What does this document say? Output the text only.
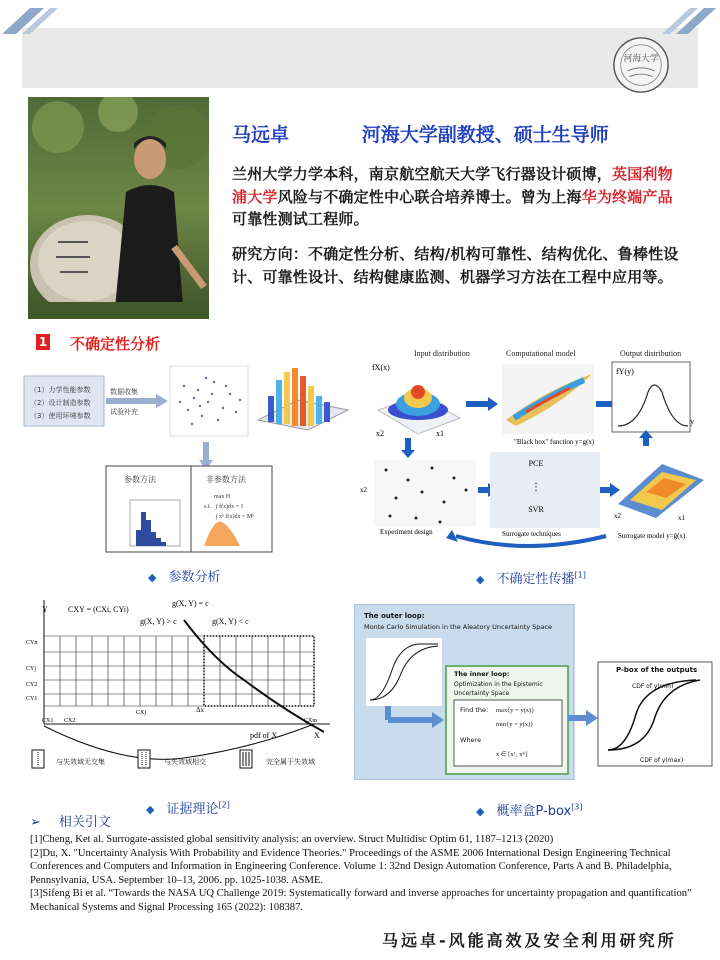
河海大学
马远卓	河海大学副教授、硕士生导师
兰州大学力学本科，南京航空航天大学飞行器设计硕博，英国利物浦大学风险与不确定性中心联合培养博士。曾为上海华为终端产品可靠性测试工程师。
研究方向：不确定性分析、结构/机构可靠性、结构优化、鲁棒性设计、可靠性设计、结构健康监测、机器学习方法在工程中应用等。
1 不确定性分析
（1）力学性能参数
（2）设计制造参数
（3）使用环境参数
数据收集
试验补充
参数方法	非参数方法
max H
s.t. ∫ f(x)dx = 1
∫ xᵏ f(x)dx = Mᵏ
Input distribution	Computational model	Output distribution
fX(x)
x2	x1
"Black box" function y=g(x)
fY(y)
y
x2
Experiment design
PCE
⋮
SVR
Surrogate techniques
x2	x1
Surrogate model y=ĝ(x)
◆ 参数分析	◆ 不确定性传播[1]
Y
X
g(X, Y) = c
g(X, Y) > c	g(X, Y) < c
CXY = (CXi, CYi)
CYn
CYj
CY2
CY1
CX1 CX2
CXj
CXm
Δx
pdf of X
与失效域无交集	与失效域相交	完全属于失效域
The outer loop:
Monte Carlo Simulation in the Aleatory Uncertainty Space
The inner loop:
Optimization in the Epistemic
Uncertainty Space
Find the: max{y = y(x)}
min{y = y(x)}
Where
x ∈ [xᴸ, xᵁ]
P-box of the outputs
CDF of y(min)
CDF of y(max)
◆ 证据理论[2]	◆ 概率盒P-box[3]
➢ 相关引文
[1]Cheng, Ket al. Surrogate-assisted global sensitivity analysis: an overview. Struct Multidisc Optim 61, 1187–1213 (2020)
[2]Du, X. "Uncertainty Analysis With Probability and Evidence Theories." Proceedings of the ASME 2006 International Design Engineering Technical Conferences and Computers and Information in Engineering Conference. Volume 1: 32nd Design Automation Conference, Parts A and B. Philadelphia, Pennsylvania, USA. September 10–13, 2006. pp. 1025-1038. ASME.
[3]Sifeng Bi et al. “Towards the NASA UQ Challenge 2019: Systematically forward and inverse approaches for uncertainty propagation and quantification” Mechanical Systems and Signal Processing 165 (2022): 108387.
马远卓-风能高效及安全利用研究所
